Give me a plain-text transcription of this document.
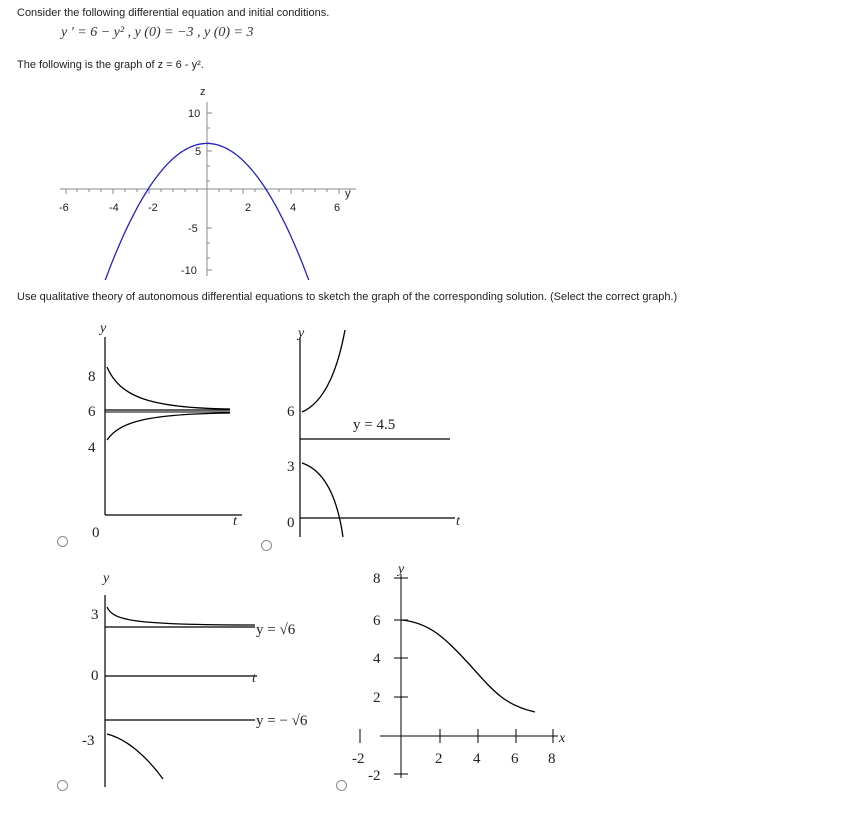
Consider the following differential equation and initial conditions.
y ′ = 6 − y² , y (0) = −3 , y (0) = 3
The following is the graph of z = 6 - y².
z
y
-6	-4	-2	2	4	6
10
5
-5
-10
Use qualitative theory of autonomous differential equations to sketch the graph of the corresponding solution. (Select the correct graph.)
y
t
8
6
4
0
y
t
6
3
0
y = 4.5
y
t
3
0
-3
y = √6
y = − √6
y
x
8
6
4
2
-2
-2	2 4 6 8
